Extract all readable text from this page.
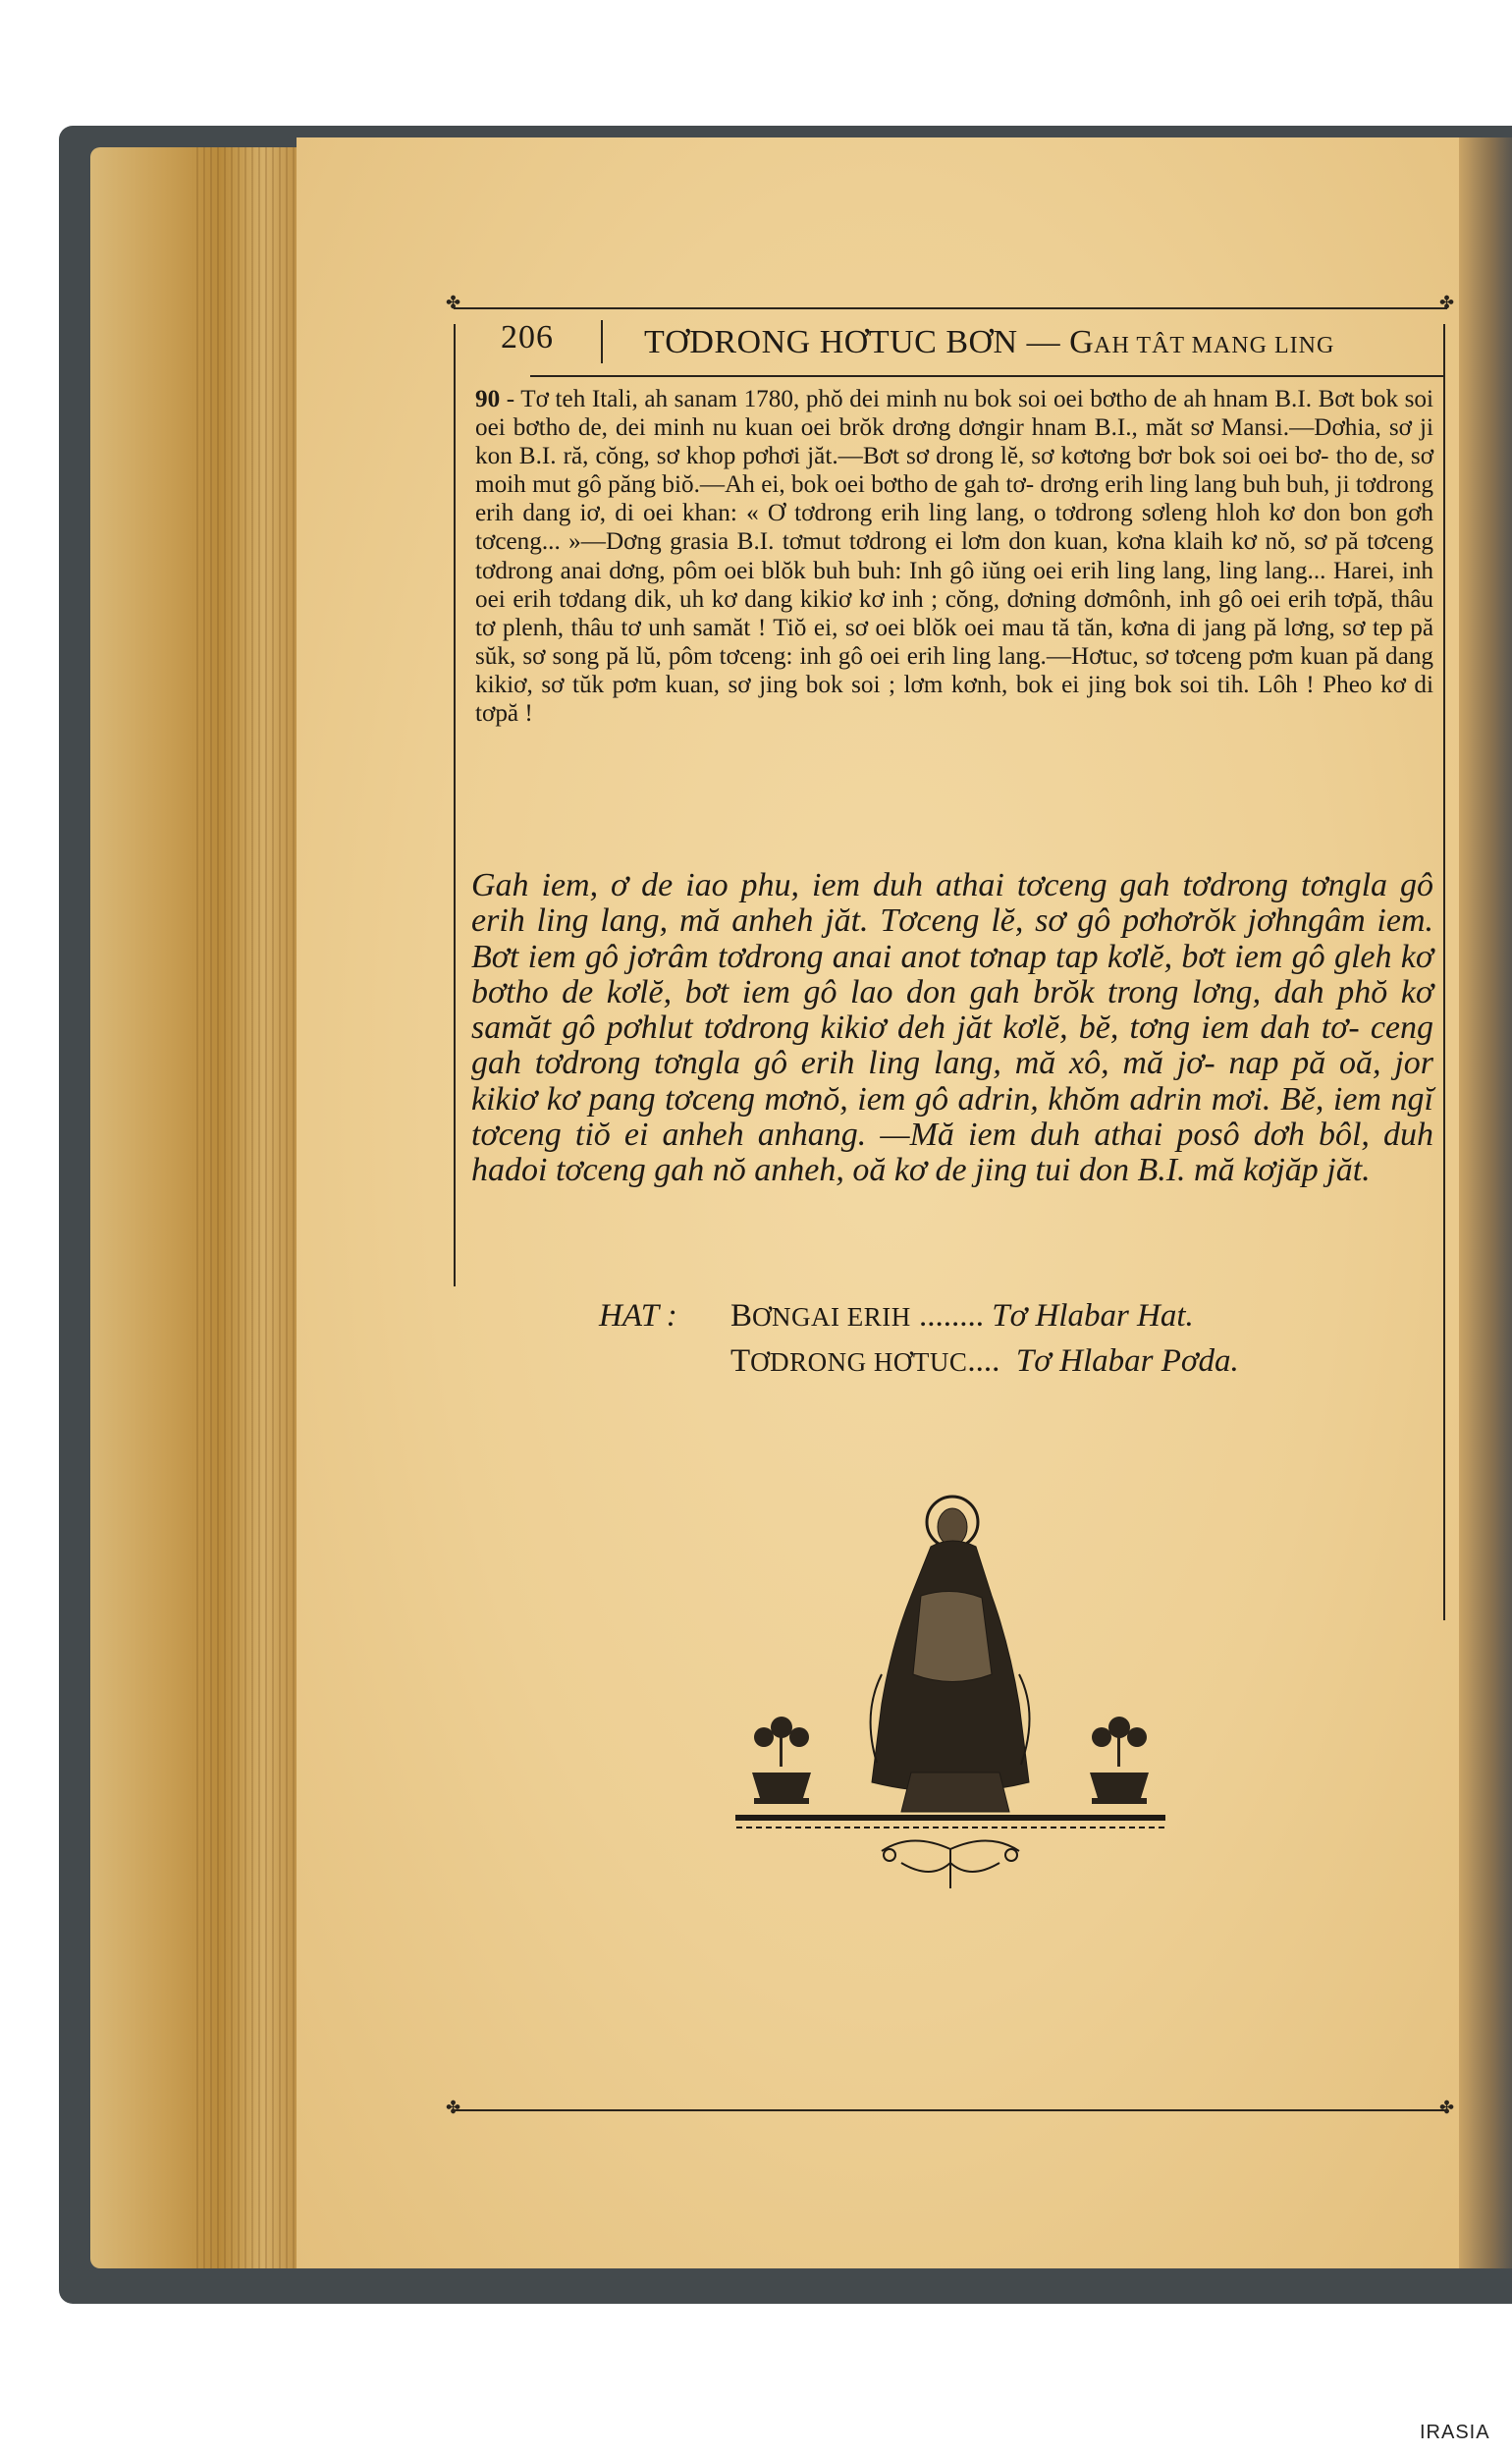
✤	✤
✤	✤
206	TƠDRONG HƠTUC BƠN — GAH TÂT MANG LING

90 - Tơ teh Itali, ah sanam 1780, phŏ dei minh nu bok soi oei bơtho de ah hnam B.I. Bơt bok soi oei bơtho de, dei minh nu kuan oei brŏk drơng dơngir hnam B.I., măt sơ Mansi.—Dơhia, sơ ji kon B.I. ră, cŏng, sơ khop pơhơi jăt.—Bơt sơ drong lĕ, sơ kơtơng bơr bok soi oei bơ- tho de, sơ moih mut gô păng biŏ.—Ah ei, bok oei bơtho de gah tơ- drơng erih ling lang buh buh, ji tơdrong erih dang iơ, di oei khan: « Ơ tơdrong erih ling lang, o tơdrong sơleng hloh kơ don bon gơh tơceng... »—Dơng grasia B.I. tơmut tơdrong ei lơm don kuan, kơna klaih kơ nŏ, sơ pă tơceng tơdrong anai dơng, pôm oei blŏk buh buh: Inh gô iŭng oei erih ling lang, ling lang... Harei, inh oei erih tơdang dik, uh kơ dang kikiơ kơ inh ; cŏng, dơning dơmônh, inh gô oei erih tơpă, thâu tơ plenh, thâu tơ unh samăt ! Tiŏ ei, sơ oei blŏk oei mau tă tăn, kơna di jang pă lơng, sơ tep pă sŭk, sơ song pă lŭ, pôm tơceng: inh gô oei erih ling lang.—Hơtuc, sơ tơceng pơm kuan pă dang kikiơ, sơ tŭk pơm kuan, sơ jing bok soi ; lơm kơnh, bok ei jing bok soi tih. Lôh ! Pheo kơ di tơpă !

Gah iem, ơ de iao phu, iem duh athai tơceng gah tơdrong tơngla gô erih ling lang, mă anheh jăt. Tơceng lĕ, sơ gô pơhơrŏk jơhngâm iem. Bơt iem gô jơrâm tơdrong anai anot tơnap tap kơlĕ, bơt iem gô gleh kơ bơtho de kơlĕ, bơt iem gô lao don gah brŏk trong lơng, dah phŏ kơ samăt gô pơhlut tơdrong kikiơ deh jăt kơlĕ, bĕ, tơng iem dah tơ- ceng gah tơdrong tơngla gô erih ling lang, mă xô, mă jơ- nap pă oă, jor kikiơ kơ pang tơceng mơnŏ, iem gô adrin, khŏm adrin mơi. Bĕ, iem ngĭ tơceng tiŏ ei anheh anhang. —Mă iem duh athai posô dơh bôl, duh hadoi tơceng gah nŏ anheh, oă kơ de jing tui don B.I. mă kơjăp jăt.

HAT : BƠNGAI ERIH ........ Tơ Hlabar Hat.
TƠDRONG HƠTUC....  Tơ Hlabar Pơda.
IRASIA
